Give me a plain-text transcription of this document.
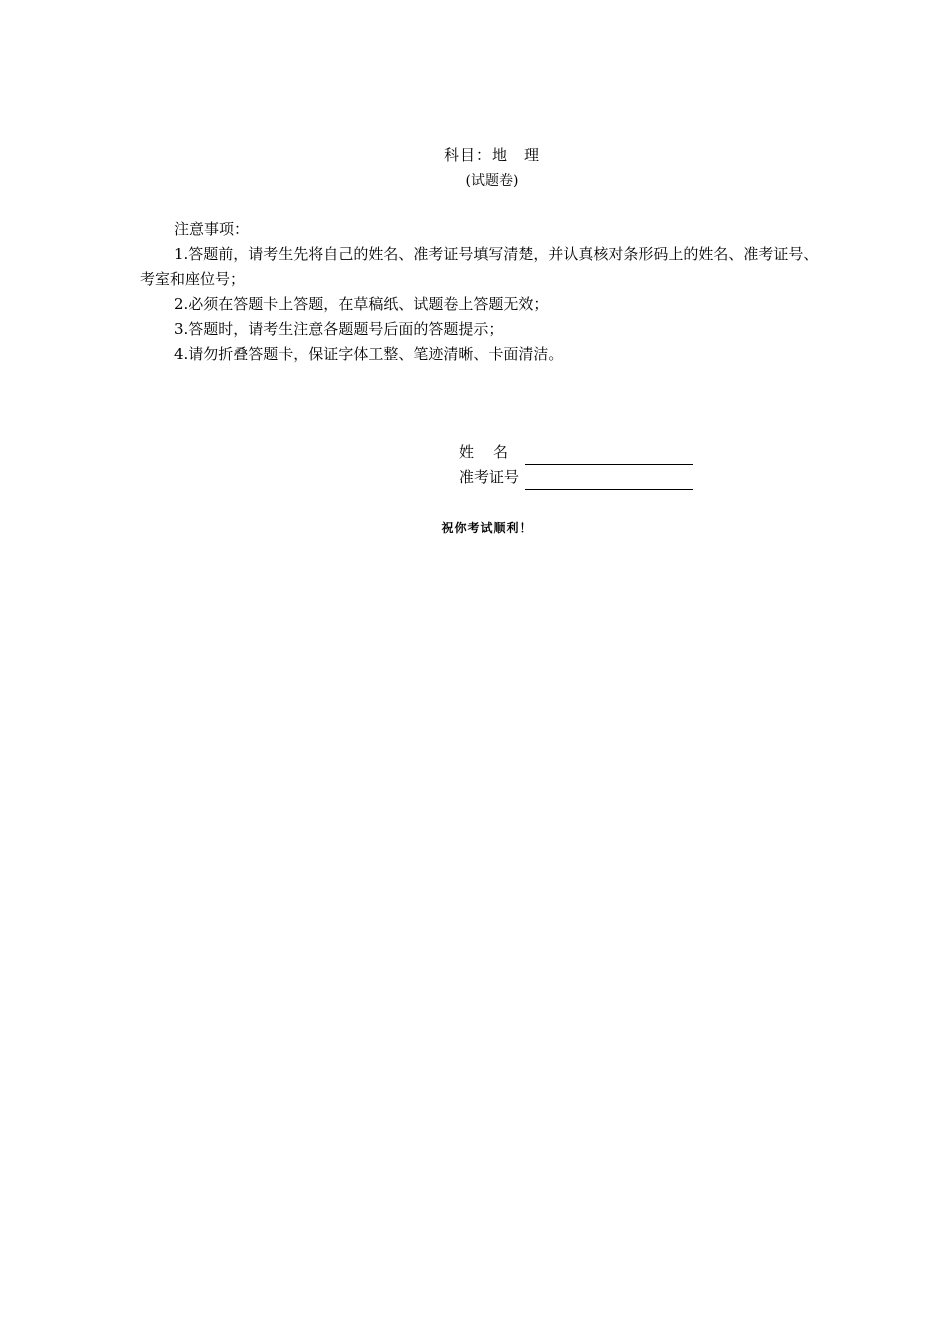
科目：地　理
(试题卷)
注意事项：
1.答题前，请考生先将自己的姓名、准考证号填写清楚，并认真核对条形码上的姓名、准考证号、考室和座位号；
2.必须在答题卡上答题，在草稿纸、试题卷上答题无效；
3.答题时，请考生注意各题题号后面的答题提示；
4.请勿折叠答题卡，保证字体工整、笔迹清晰、卡面清洁。
姓名
准考证号
祝你考试顺利！
